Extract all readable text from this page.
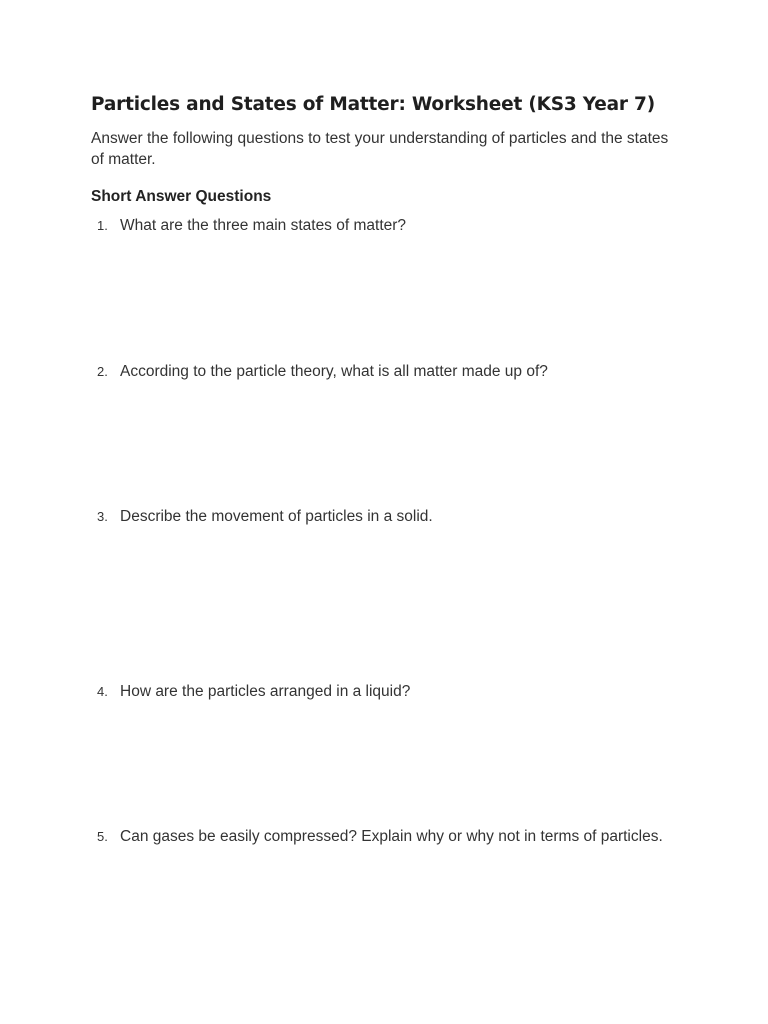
Particles and States of Matter: Worksheet (KS3 Year 7)

Answer the following questions to test your understanding of particles and the states of matter.

Short Answer Questions
1. What are the three main states of matter?
2. According to the particle theory, what is all matter made up of?
3. Describe the movement of particles in a solid.
4. How are the particles arranged in a liquid?
5. Can gases be easily compressed? Explain why or why not in terms of particles.
